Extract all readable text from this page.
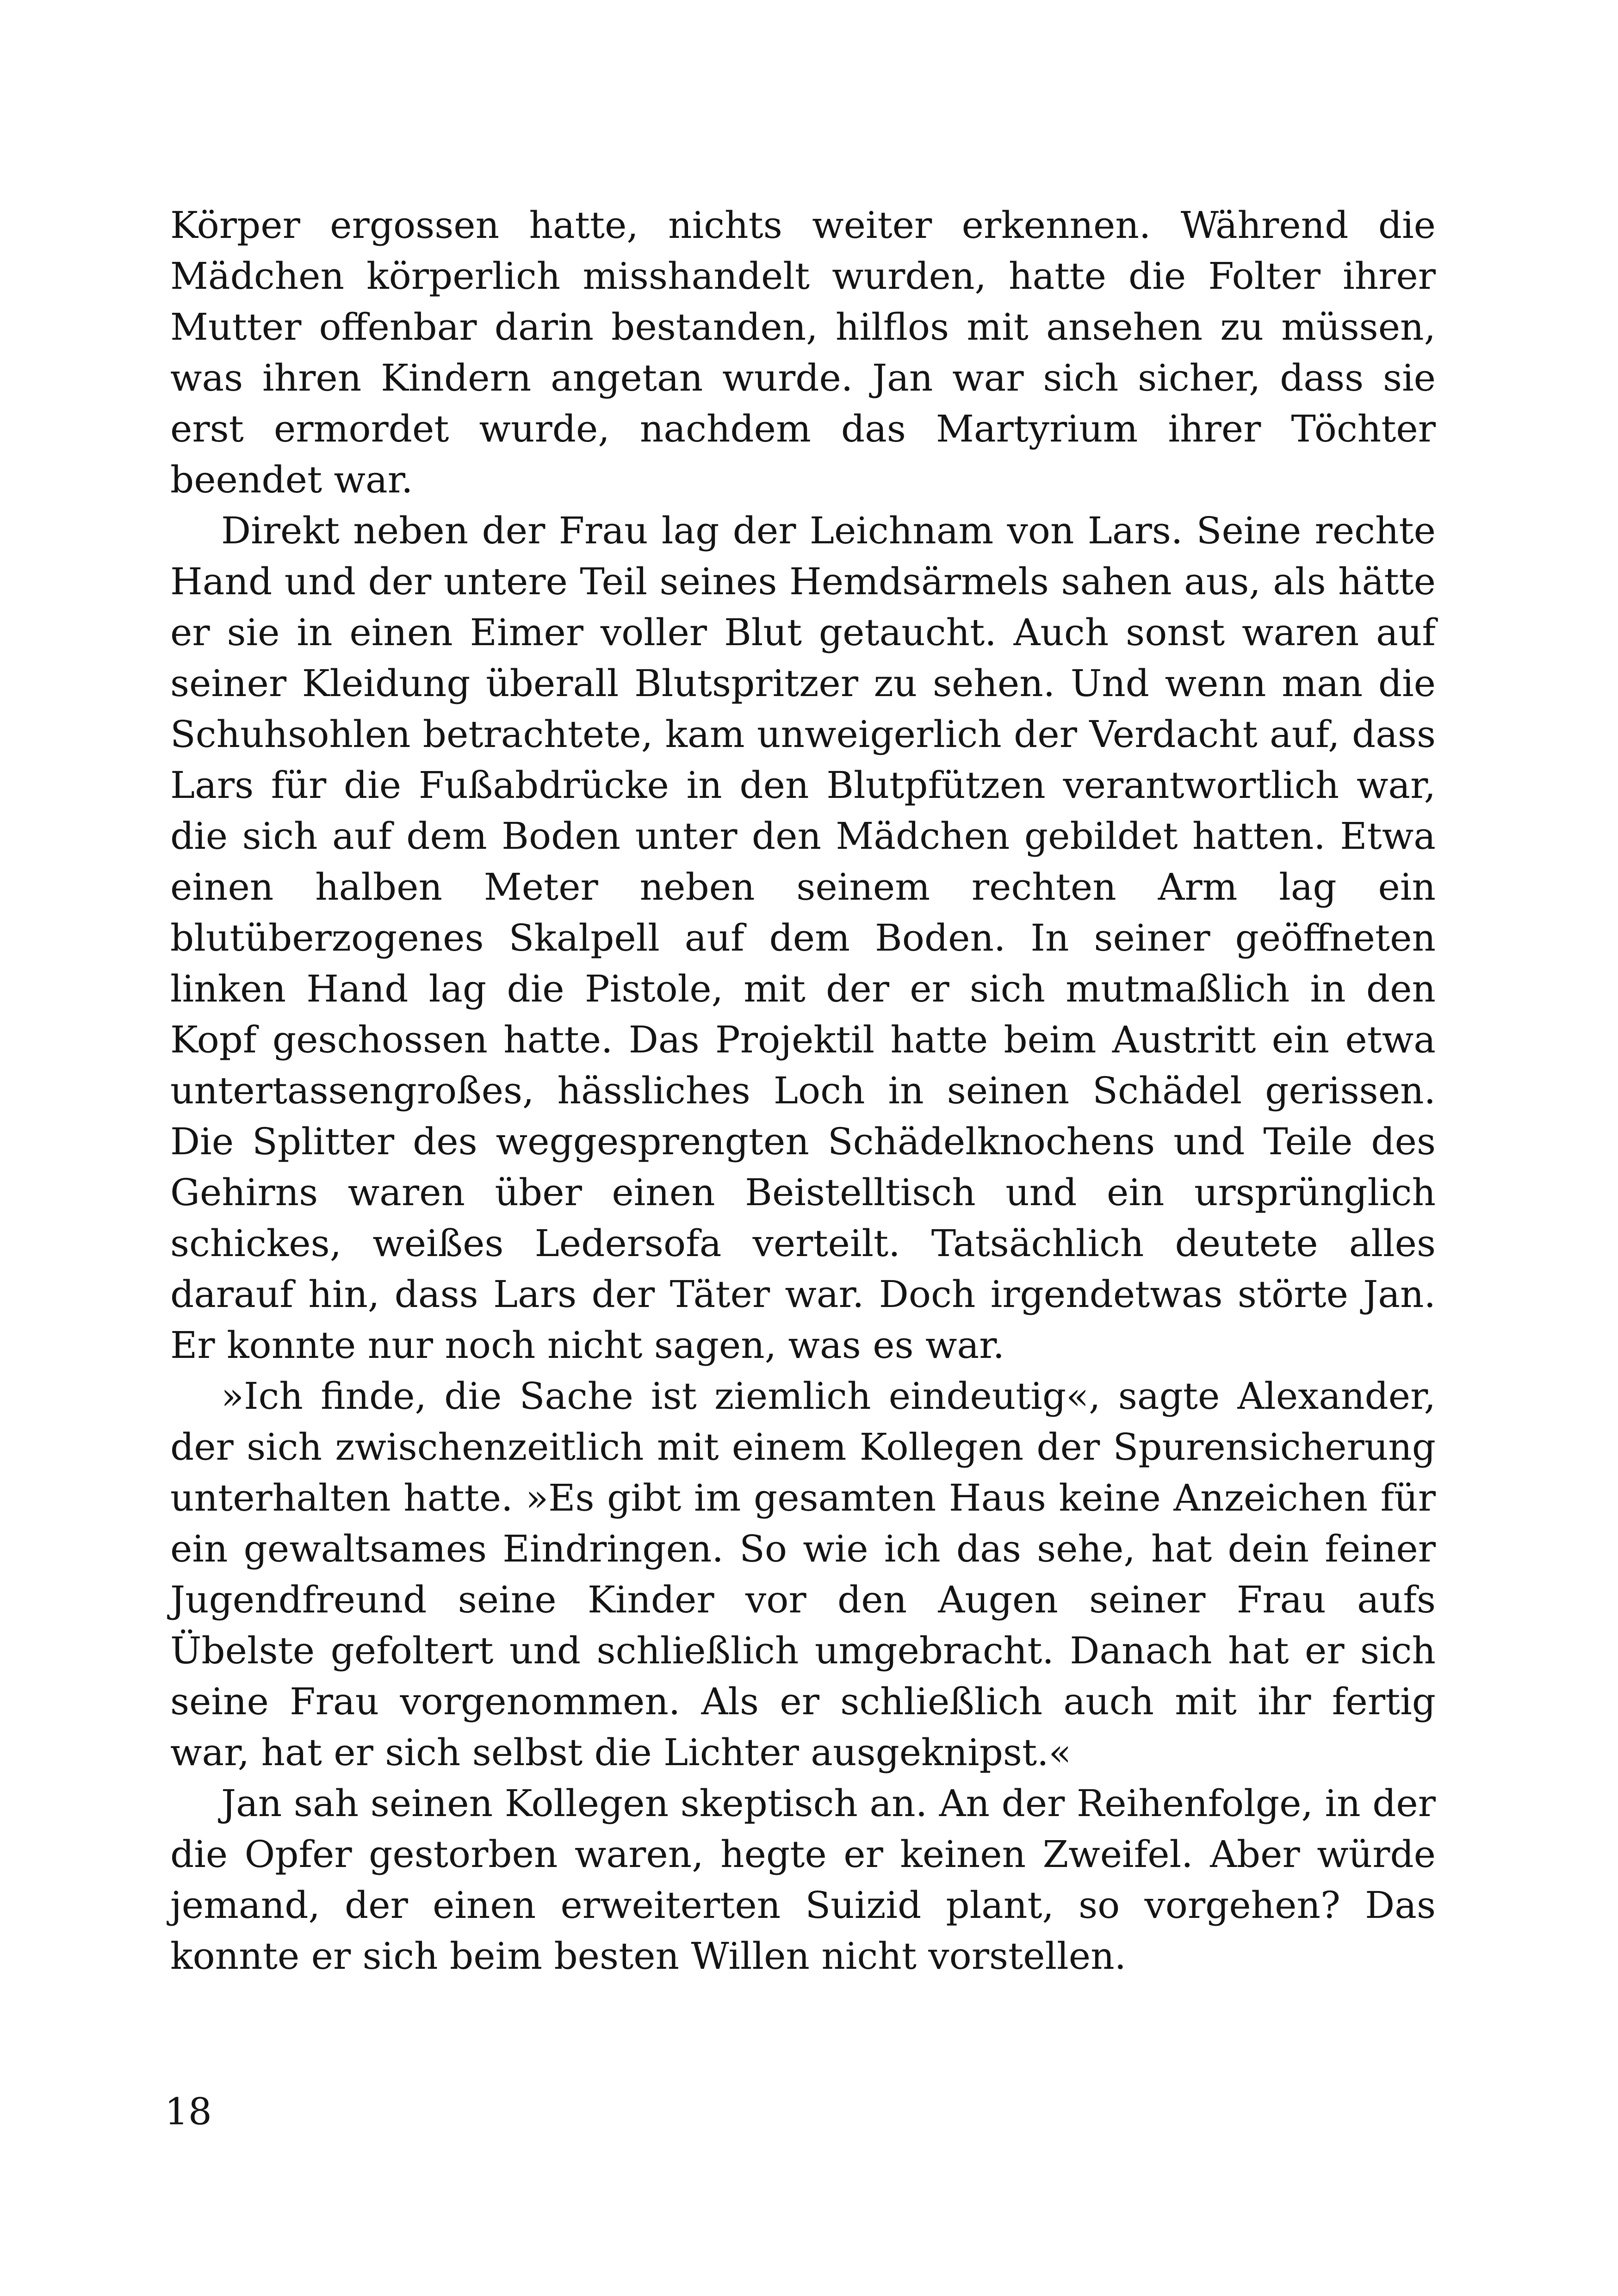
Körper ergossen hatte, nichts weiter erkennen. Während die Mädchen körperlich misshandelt wurden, hatte die Folter ihrer Mutter offenbar darin bestanden, hilflos mit ansehen zu müssen, was ihren Kindern angetan wurde. Jan war sich sicher, dass sie erst ermordet wurde, nachdem das Martyrium ihrer Töchter beendet war.

Direkt neben der Frau lag der Leichnam von Lars. Seine rechte Hand und der untere Teil seines Hemdsärmels sahen aus, als hätte er sie in einen Eimer voller Blut getaucht. Auch sonst waren auf seiner Kleidung überall Blutspritzer zu sehen. Und wenn man die Schuhsohlen betrachtete, kam unweigerlich der Verdacht auf, dass Lars für die Fußabdrücke in den Blutpfützen verantwortlich war, die sich auf dem Boden unter den Mädchen gebildet hatten. Etwa einen halben Meter neben seinem rechten Arm lag ein blutüberzogenes Skalpell auf dem Boden. In seiner geöffneten linken Hand lag die Pistole, mit der er sich mutmaßlich in den Kopf geschossen hatte. Das Projektil hatte beim Austritt ein etwa untertassengroßes, hässliches Loch in seinen Schädel gerissen. Die Splitter des weggesprengten Schädelknochens und Teile des Gehirns waren über einen Beistelltisch und ein ursprünglich schickes, weißes Ledersofa verteilt. Tatsächlich deutete alles darauf hin, dass Lars der Täter war. Doch irgendetwas störte Jan. Er konnte nur noch nicht sagen, was es war.

»Ich finde, die Sache ist ziemlich eindeutig«, sagte Alexander, der sich zwischenzeitlich mit einem Kollegen der Spurensicherung unterhalten hatte. »Es gibt im gesamten Haus keine Anzeichen für ein gewaltsames Eindringen. So wie ich das sehe, hat dein feiner Jugendfreund seine Kinder vor den Augen seiner Frau aufs Übelste gefoltert und schließlich umgebracht. Danach hat er sich seine Frau vorgenommen. Als er schließlich auch mit ihr fertig war, hat er sich selbst die Lichter ausgeknipst.«

Jan sah seinen Kollegen skeptisch an. An der Reihenfolge, in der die Opfer gestorben waren, hegte er keinen Zweifel. Aber würde jemand, der einen erweiterten Suizid plant, so vorgehen? Das konnte er sich beim besten Willen nicht vorstellen.

18
